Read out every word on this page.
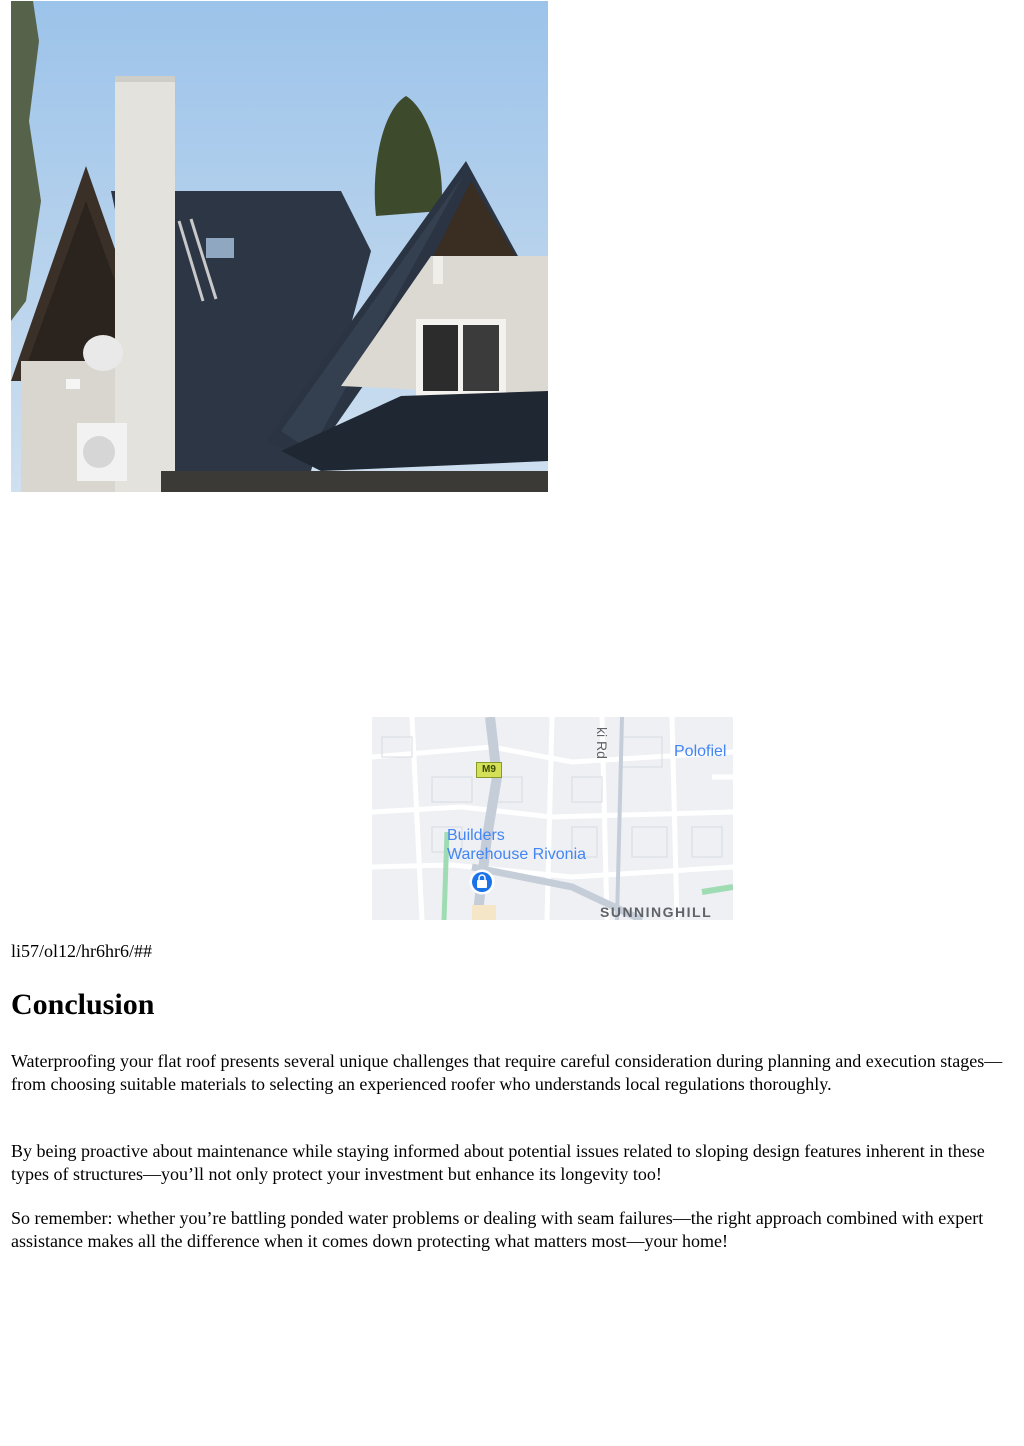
M9
ki Rd	Polofiel
Builders
Warehouse Rivonia
SUNNINGHILL
li57/ol12/hr6hr6/##
Conclusion

Waterproofing your flat roof presents several unique challenges that require careful consideration during planning and execution stages—from choosing suitable materials to selecting an experienced roofer who understands local regulations thoroughly.

By being proactive about maintenance while staying informed about potential issues related to sloping design features inherent in these types of structures—you’ll not only protect your investment but enhance its longevity too!

So remember: whether you’re battling ponded water problems or dealing with seam failures—the right approach combined with expert assistance makes all the difference when it comes down protecting what matters most—your home!
